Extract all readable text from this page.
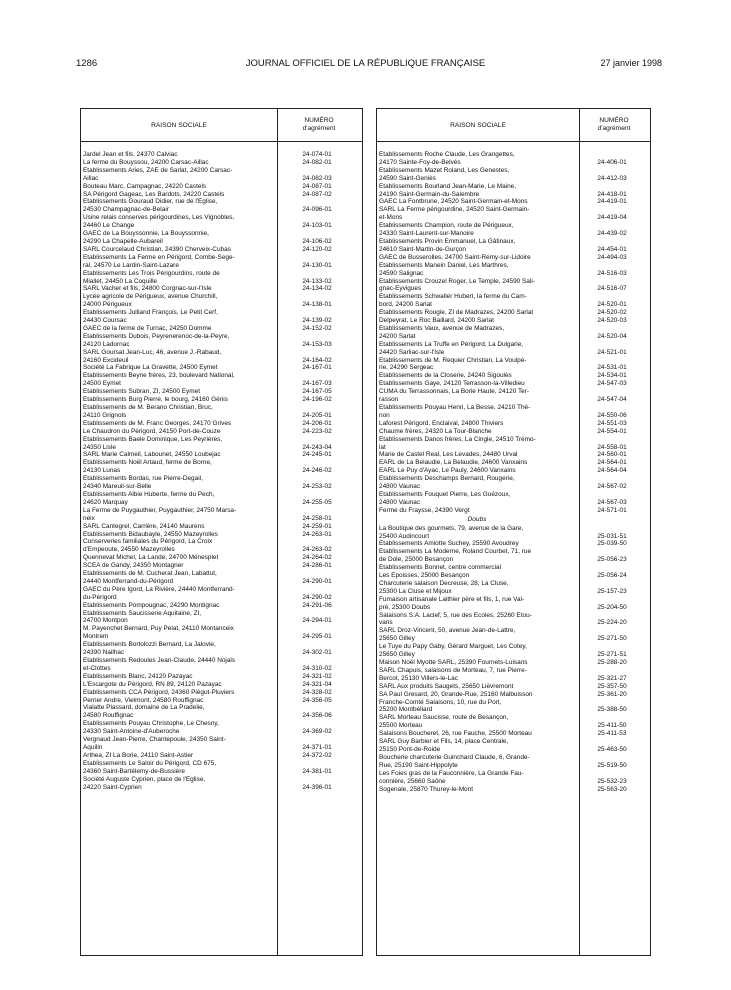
1286	JOURNAL OFFICIEL DE LA RÉPUBLIQUE FRANÇAISE	27 janvier 1998
RAISON SOCIALE
NUMÉRO
d'agrément
Jardel Jean et fils, 24370 Calviac	24-074-01
La ferme du Bouyssou, 24200 Carsac-Aillac	24-082-01
Etablissements Aries, ZAE de Sarlat, 24200 Carsac-
Aillac	24-082-03
Bouteau Marc, Campagnac, 24220 Castels	24-087-01
SA Périgord Gageac, Les Bardots, 24220 Castels	24-087-02
Etablissements Gouraud Didier, rue de l'Eglise,
24530 Champagnac-de-Belair	24-096-01
Usine relais conserves périgourdines, Les Vignobles,
24460 Le Change	24-103-01
GAEC de La Bouyssonnie, La Bouyssonnie,
24290 La Chapelle-Aubareil	24-106-02
SARL Courcelaud Christian, 24390 Cherveix-Cubas	24-120-02
Etablissements La Ferme en Périgord, Combe-Sege-
ral, 24570 Le Lardin-Saint-Lazare	24-130-01
Etablissements Les Trois Périgourdins, route de
Miallet, 24450 La Coquille	24-133-02
SARL Vacher et fils, 24800 Corgnac-sur-l'Isle	24-134-02
Lycée agricole de Périgueux, avenue Churchill,
24000 Périgueux	24-138-01
Etablissements Julliand François, Le Petit Cerf,
24430 Coursac	24-139-02
GAEC de la ferme de Turnac, 24250 Domme	24-152-02
Etablissements Dubois, Peyrenerenoc-de-la-Peyre,
24120 Ladornac	24-153-03
SARL Goursat Jean-Luc, 46, avenue J.-Rabaud,
24160 Excideuil	24-164-02
Société La Fabrique La Gravette, 24500 Eymet	24-167-01
Etablissements Beyne frères, 23, boulevard National,
24500 Eymet	24-167-03
Etablissements Subran, ZI, 24500 Eymet	24-167-05
Etablissements Burg Pierre, le bourg, 24160 Génis	24-196-02
Etablissements de M. Berano Christian, Bruc,
24110 Grignols	24-205-01
Etablissements de M. Franc Georges, 24170 Grives	24-206-01
Le Chaudron du Périgord, 24150 Port-de-Couze	24-223-02
Etablissements Baele Dominique, Les Peyrières,
24350 Lisle	24-243-04
SARL Marie Calmeil, Labounet, 24550 Loubejac	24-245-01
Etablissements Noël Artaud, ferme de Borne,
24130 Lunas	24-246-02
Etablissements Bordas, rue Pierre-Degail,
24340 Mareuil-sur-Belle	24-253-02
Etablissements Albie Huberte, ferme du Pech,
24620 Marquay	24-255-05
La Ferme de Puygauthier, Puygauthier, 24750 Marsa-
neix	24-258-01
SARL Cantegrel, Carrière, 24140 Maurens	24-259-01
Etablissements Bidaubayle, 24550 Mazeyrolles	24-263-01
Conserveries familiales du Périgord, La Croix
d'Empeoute, 24550 Mazeyrolles	24-263-02
Quennevat Michel, La Lande, 24700 Ménesplet	24-264-02
SCEA de Gandy, 24350 Montagrier	24-286-01
Etablissements de M. Cucherat Jean, Labattut,
24440 Montferrand-du-Périgord	24-290-01
GAEC du Père Igord, La Rivière, 24440 Montferrand-
du-Périgord	24-290-02
Etablissements Pompougnac, 24290 Montignac	24-291-06
Etablissements Saucisserie Aquitaine, ZI,
24700 Montpon	24-294-01
M. Payenchet Bernard, Puy Pelat, 24110 Montanceix
Montrem	24-295-01
Etablissements Bortolozzi Bernard, La Jalovie,
24390 Nailhac	24-302-01
Etablissements Redoules Jean-Claude, 24440 Nojals
et-Clottes	24-310-02
Etablissements Blanc, 24120 Pazayac	24-321-02
L'Escargote du Périgord, RN 89, 24120 Pazayac	24-321-04
Etablissements CCA Périgord, 24360 Piégut-Pluviers	24-328-02
Perrier Andre, Vielmont, 24580 Rouffignac	24-356-05
Vialatte Plassard, domaine de La Pradelie,
24580 Rouffignac	24-356-06
Etablissements Pouyau Christophe, Le Chesny,
24330 Saint-Antoine-d'Auberoche	24-369-02
Vergnaud Jean-Pierre, Chantepoule, 24350 Saint-
Aquilin	24-371-01
Arthea, ZI La Borie, 24110 Saint-Astier	24-372-02
Etablissements Le Saloir du Périgord, CD 675,
24360 Saint-Bartélemy-de-Bussière	24-381-01
Société Auguste Cyprien, place de l'Eglise,
24220 Saint-Cyprien	24-396-01
RAISON SOCIALE
NUMÉRO
d'agrément
Etablissements Roche Claude, Les Grangettes,
24170 Sainte-Foy-de-Belvès	24-406-01
Etablissements Mazet Roland, Les Genestes,
24590 Saint-Geniès	24-412-03
Etablissements Bourland Jean-Marie, Le Maine,
24190 Saint-Germain-du-Salembre	24-418-01
GAEC La Fontbrune, 24520 Saint-Germain-et-Mons	24-419-01
SARL La Ferme périgourdine, 24520 Saint-Germain-
et-Mons	24-419-04
Etablissements Champion, route de Périgueux,
24330 Saint-Laurent-sur-Manoire	24-439-02
Etablissements Provin Emmanuel, La Gâtinaux,
24610 Saint-Martin-de-Gurçon	24-454-01
GAEC de Busserolles, 24700 Saint-Rémy-sur-Lidoire	24-494-03
Etablissements Manein Daniel, Les Marthres,
24590 Salignac	24-516-03
Etablissements Crouzel Roger, Le Temple, 24590 Sali-
gnac-Eyvigues	24-516-07
Etablissements Schwaller Hubert, la ferme du Cam-
bord, 24200 Sarlat	24-520-01
Etablissements Rougie, ZI de Madrazes, 24200 Sarlat	24-520-02
Delpeyrat, Le Roc Baillard, 24200 Sarlat	24-520-03
Etablissements Vaux, avenue de Madrazes,
24200 Sarlat	24-520-04
Etablissements La Truffe en Périgord, La Dulgarie,
24420 Sarliac-sur-l'Isle	24-521-01
Etablissements de M. Requier Christian, La Voulpé-
rie, 24290 Sergeac	24-531-01
Etablissements de la Closerie, 24240 Sigoulès	24-534-01
Etablissements Gaye, 24120 Terrasson-la-Villedieu	24-547-03
CUMA du Terrassonnais, La Borie Haute, 24120 Ter-
rasson	24-547-04
Etablissements Pouyau Henri, La Besse, 24210 Thé-
non	24-550-06
Laforest Périgord, Enclaival, 24800 Thiviers	24-551-03
Chaume frères, 24320 La Tour-Blanche	24-554-01
Etablissements Danos frères, La Cingle, 24510 Trémo-
lat	24-558-01
Marie de Castel Real, Les Levades, 24480 Urval	24-560-01
EARL de La Belaudie, La Belaudie, 24600 Vanxains	24-564-01
EARL Le Puy d'Ayac, Le Pauly, 24600 Vanxains	24-564-04
Etablissements Deschamps Bernard, Rougerie,
24800 Vaunac	24-567-02
Etablissements Fouquet Pierre, Les Guézoux,
24800 Vaunac	24-567-03
Ferme du Fraysse, 24390 Vergt	24-571-01
Doubs
La Boutique des gourmets, 79, avenue de la Gare,
25400 Audincourt	25-031-51
Etablissements Amiotte Suchey, 25590 Avoudrey	25-039-50
Etablissements La Moderne, Roland Courbet, 71, rue
de Dole, 25000 Besançon	25-056-23
Etablissements Bonnet, centre commercial
Les Epoisses, 25000 Besançon	25-056-24
Charcuterie salaison Decreuse, 28, La Cluse,
25300 La Cluse et Mijoux	25-157-23
Fumaison artisanale Laithier père et fils, 1, rue Val-
pré, 25300 Doubs	25-204-50
Salaisons S.A. Laclef, 5, rue des Ecoles, 25260 Etou-
vans	25-224-20
SARL Droz-Vincent, 50, avenue Jean-de-Lattre,
25650 Gilley	25-271-50
Le Tuye du Papy Gaby, Gérard Marguet, Les Cotey,
25650 Gilley	25-271-51
Maison Noël Myotte SARL, 25390 Fournets-Luisans	25-288-20
SARL Chapuis, salaisons de Morteau, 7, rue Pierre-
Bercot, 25130 Villers-le-Lac	25-321-27
SARL Aux produits Saugets, 25650 Lièvremont	25-357-50
SA Paul Gresard, 20, Grande-Rue, 25160 Malbuisson	25-361-20
Franche-Comté Salaisons, 10, rue du Port,
25200 Montbéliard	25-388-50
SARL Morteau Saucisse, route de Besançon,
25500 Morteau	25-411-50
Salaisons Boucheret, 26, rue Fauche, 25500 Morteau	25-411-53
SARL Guy Barbier et Fils, 14, place Centrale,
25150 Pont-de-Roide	25-463-50
Boucherie charcuterie Guinchard Claude, 6, Grande-
Rue, 25190 Saint-Hippolyte	25-519-50
Les Foies gras de la Fauconnière, La Grande Fau-
connière, 25660 Saône	25-532-23
Sogenale, 25870 Thurey-le-Mont	25-563-20
